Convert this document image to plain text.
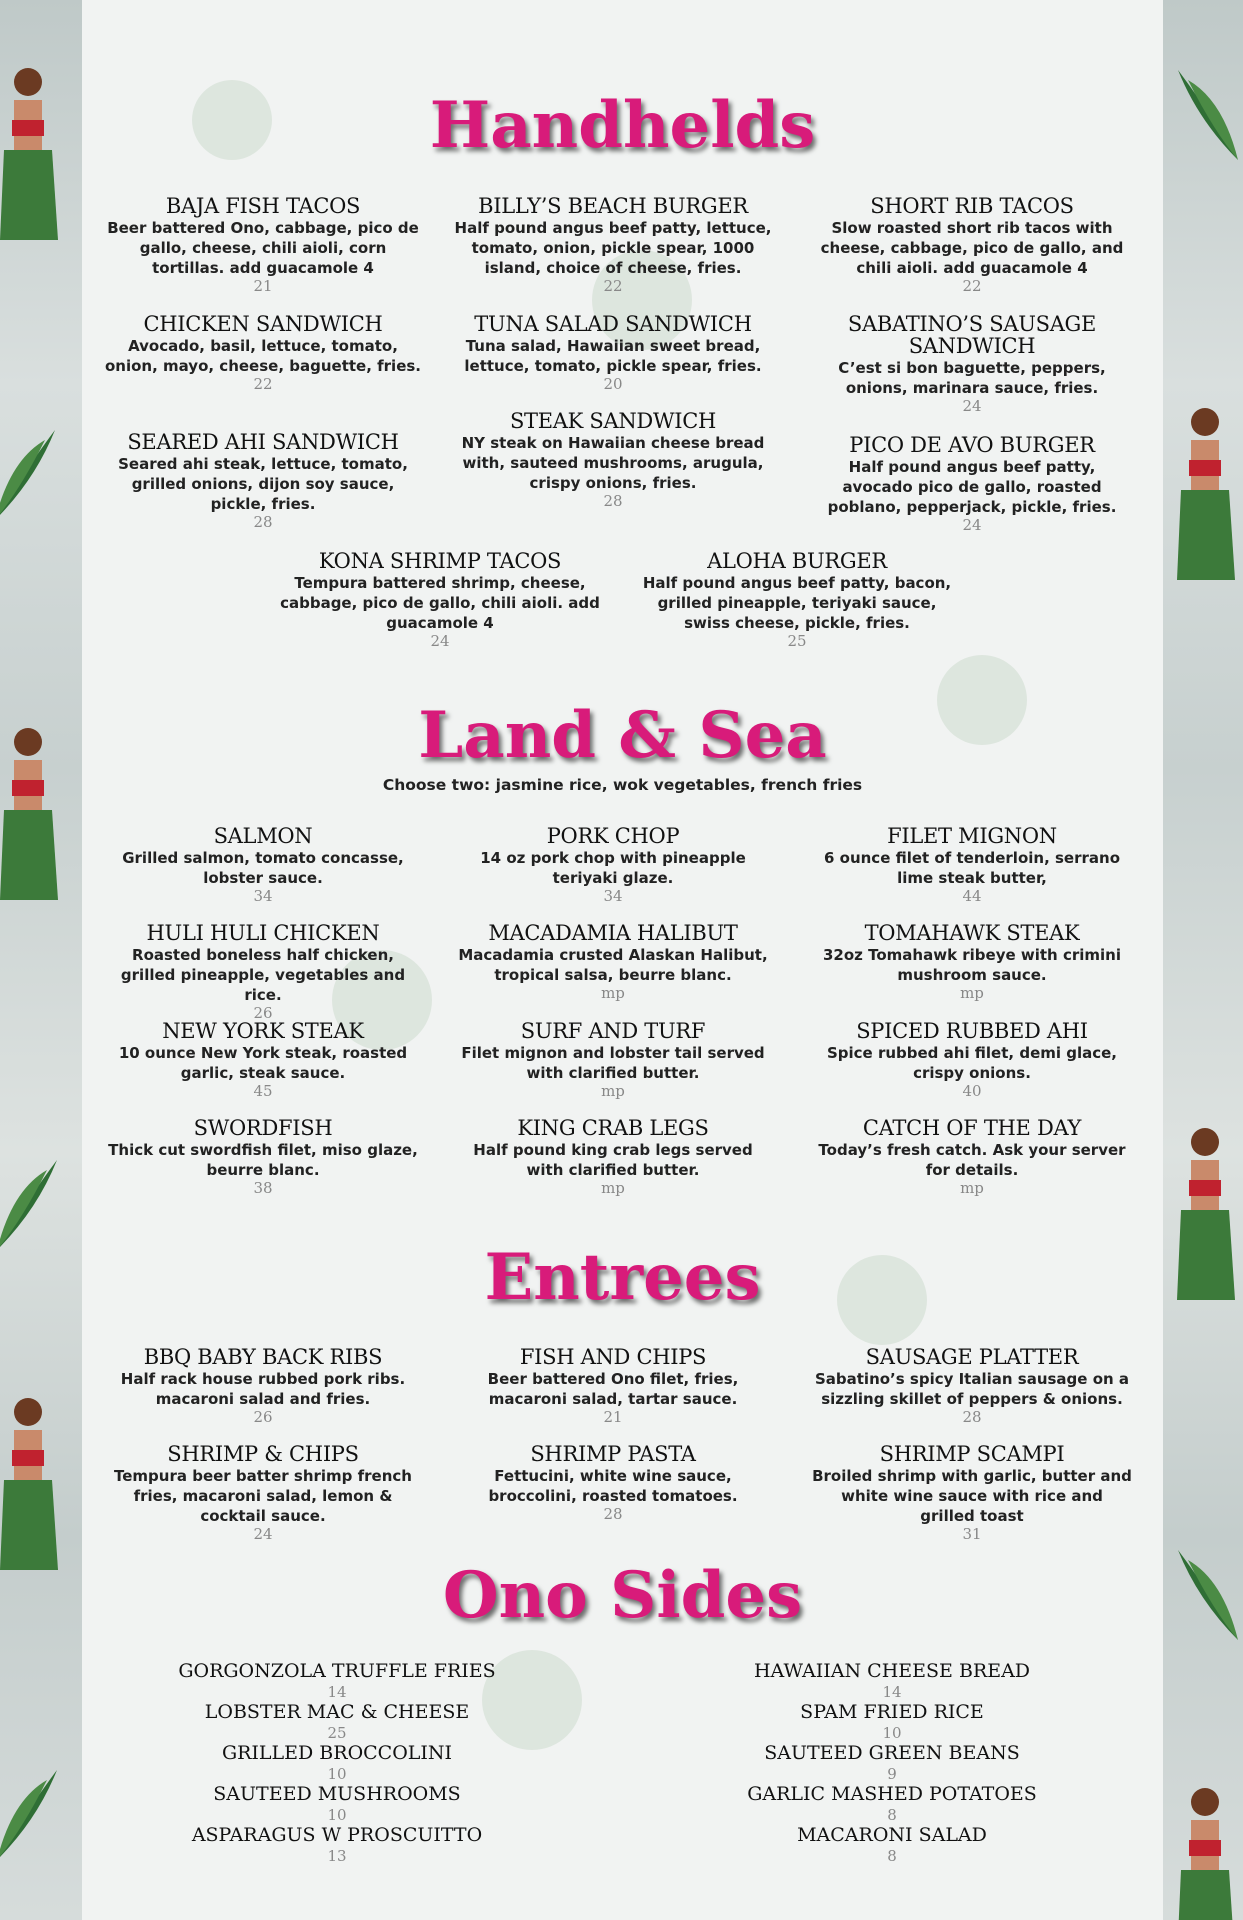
Handhelds
BAJA FISH TACOS
Beer battered Ono, cabbage, pico de gallo, cheese, chili aioli, corn tortillas. add guacamole 4
21
BILLY’S BEACH BURGER
Half pound angus beef patty, lettuce, tomato, onion, pickle spear, 1000 island, choice of cheese, fries.
22
SHORT RIB TACOS
Slow roasted short rib tacos with cheese, cabbage, pico de gallo, and chili aioli. add guacamole 4
22
CHICKEN SANDWICH
Avocado, basil, lettuce, tomato, onion, mayo, cheese, baguette, fries.
22
TUNA SALAD SANDWICH
Tuna salad, Hawaiian sweet bread, lettuce, tomato, pickle spear, fries.
20
SABATINO’S SAUSAGE SANDWICH
C’est si bon baguette, peppers, onions, marinara sauce, fries.
24
SEARED AHI SANDWICH
Seared ahi steak, lettuce, tomato, grilled onions, dijon soy sauce, pickle, fries.
28
STEAK SANDWICH
NY steak on Hawaiian cheese bread with, sauteed mushrooms, arugula, crispy onions, fries.
28
PICO DE AVO BURGER
Half pound angus beef patty, avocado pico de gallo, roasted poblano, pepperjack, pickle, fries.
24
KONA SHRIMP TACOS
Tempura battered shrimp, cheese, cabbage, pico de gallo, chili aioli. add guacamole 4
24
ALOHA BURGER
Half pound angus beef patty, bacon, grilled pineapple, teriyaki sauce, swiss cheese, pickle, fries.
25
Land & Sea
Choose two: jasmine rice, wok vegetables, french fries
SALMON
Grilled salmon, tomato concasse, lobster sauce.
34
PORK CHOP
14 oz pork chop with pineapple teriyaki glaze.
34
FILET MIGNON
6 ounce filet of tenderloin, serrano lime steak butter,
44
HULI HULI CHICKEN
Roasted boneless half chicken, grilled pineapple, vegetables and rice.
26
MACADAMIA HALIBUT
Macadamia crusted Alaskan Halibut, tropical salsa, beurre blanc.
mp
TOMAHAWK STEAK
32oz Tomahawk ribeye with crimini mushroom sauce.
mp
NEW YORK STEAK
10 ounce New York steak, roasted garlic, steak sauce.
45
SURF AND TURF
Filet mignon and lobster tail served with clarified butter.
mp
SPICED RUBBED AHI
Spice rubbed ahi filet, demi glace, crispy onions.
40
SWORDFISH
Thick cut swordfish filet, miso glaze, beurre blanc.
38
KING CRAB LEGS
Half pound king crab legs served with clarified butter.
mp
CATCH OF THE DAY
Today’s fresh catch. Ask your server for details.
mp
Entrees
BBQ BABY BACK RIBS
Half rack house rubbed pork ribs. macaroni salad and fries.
26
FISH AND CHIPS
Beer battered Ono filet, fries, macaroni salad, tartar sauce.
21
SAUSAGE PLATTER
Sabatino’s spicy Italian sausage on a sizzling skillet of peppers & onions.
28
SHRIMP & CHIPS
Tempura beer batter shrimp french fries, macaroni salad, lemon & cocktail sauce.
24
SHRIMP PASTA
Fettucini, white wine sauce, broccolini, roasted tomatoes.
28
SHRIMP SCAMPI
Broiled shrimp with garlic, butter and white wine sauce with rice and grilled toast
31
Ono Sides
GORGONZOLA TRUFFLE FRIES
14
LOBSTER MAC & CHEESE
25
GRILLED BROCCOLINI
10
SAUTEED MUSHROOMS
10
ASPARAGUS W PROSCUITTO
13
HAWAIIAN CHEESE BREAD
14
SPAM FRIED RICE
10
SAUTEED GREEN BEANS
9
GARLIC MASHED POTATOES
8
MACARONI SALAD
8
